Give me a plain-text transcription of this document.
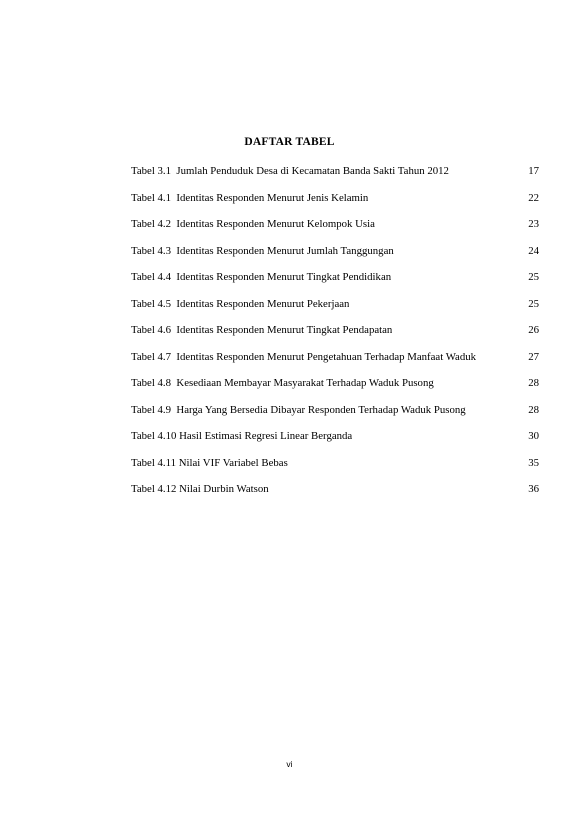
DAFTAR TABEL
Tabel 3.1  Jumlah Penduduk Desa di Kecamatan Banda Sakti Tahun 2012	17
Tabel 4.1  Identitas Responden Menurut Jenis Kelamin	22
Tabel 4.2  Identitas Responden Menurut Kelompok Usia	23
Tabel 4.3  Identitas Responden Menurut Jumlah Tanggungan	24
Tabel 4.4  Identitas Responden Menurut Tingkat Pendidikan	25
Tabel 4.5  Identitas Responden Menurut Pekerjaan	25
Tabel 4.6  Identitas Responden Menurut Tingkat Pendapatan	26
Tabel 4.7  Identitas Responden Menurut Pengetahuan Terhadap Manfaat Waduk	27
Tabel 4.8  Kesediaan Membayar Masyarakat Terhadap Waduk Pusong	28
Tabel 4.9  Harga Yang Bersedia Dibayar Responden Terhadap Waduk Pusong	28
Tabel 4.10 Hasil Estimasi Regresi Linear Berganda	30
Tabel 4.11 Nilai VIF Variabel Bebas	35
Tabel 4.12 Nilai Durbin Watson	36
vi
